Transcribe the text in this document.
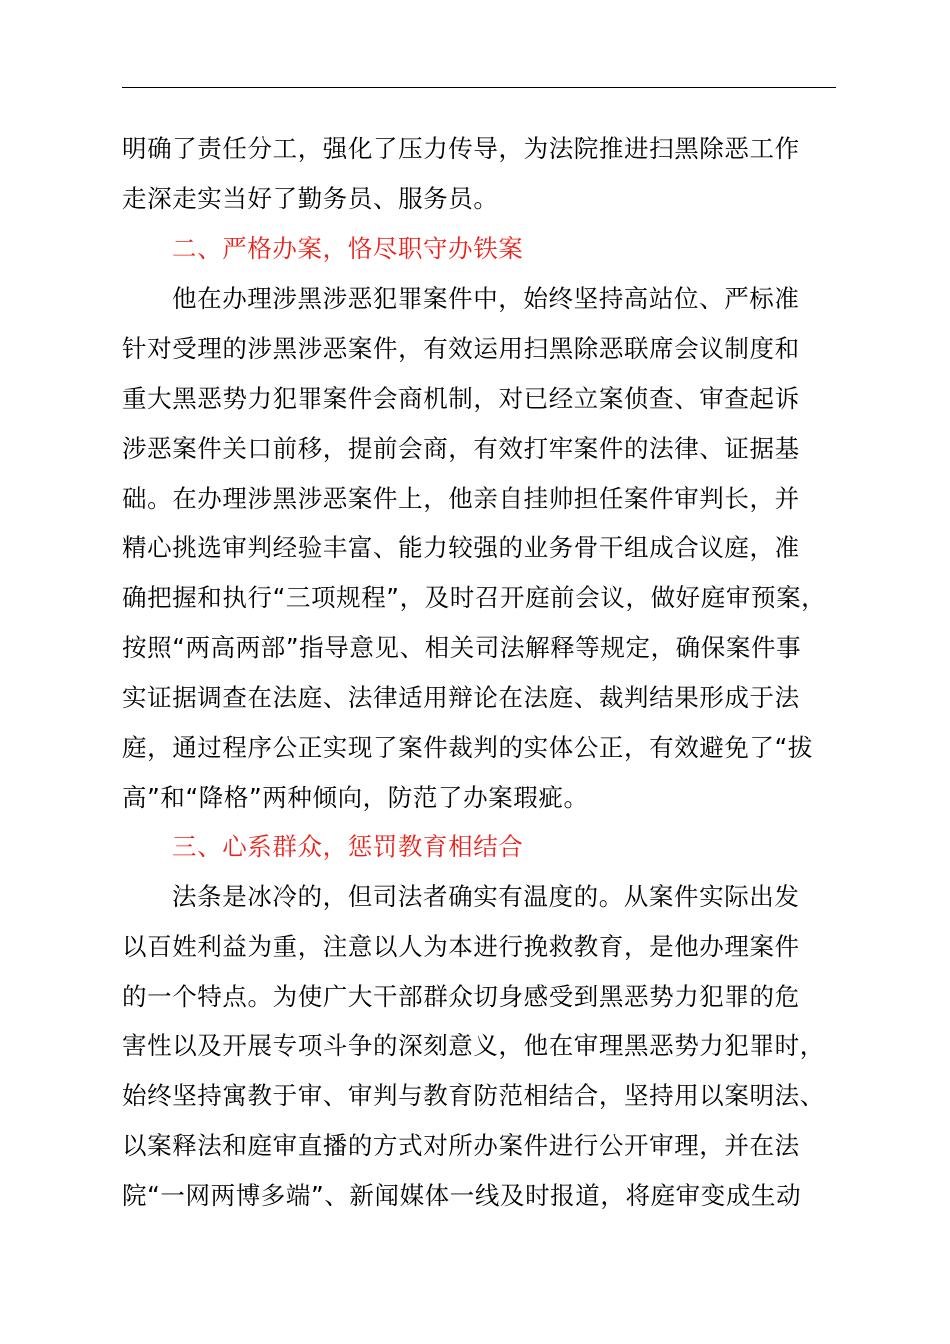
明确了责任分工，强化了压力传导，为法院推进扫黑除恶工作
走深走实当好了勤务员、服务员。
二、严格办案，恪尽职守办铁案
他在办理涉黑涉恶犯罪案件中，始终坚持高站位、严标准
针对受理的涉黑涉恶案件，有效运用扫黑除恶联席会议制度和
重大黑恶势力犯罪案件会商机制，对已经立案侦查、审查起诉
涉恶案件关口前移，提前会商，有效打牢案件的法律、证据基
础。在办理涉黑涉恶案件上，他亲自挂帅担任案件审判长，并
精心挑选审判经验丰富、能力较强的业务骨干组成合议庭，准
确把握和执行“三项规程”，及时召开庭前会议，做好庭审预案，
按照“两高两部”指导意见、相关司法解释等规定，确保案件事
实证据调查在法庭、法律适用辩论在法庭、裁判结果形成于法
庭，通过程序公正实现了案件裁判的实体公正，有效避免了“拔
高”和“降格”两种倾向，防范了办案瑕疵。
三、心系群众，惩罚教育相结合
法条是冰冷的，但司法者确实有温度的。从案件实际出发
以百姓利益为重，注意以人为本进行挽救教育，是他办理案件
的一个特点。为使广大干部群众切身感受到黑恶势力犯罪的危
害性以及开展专项斗争的深刻意义，他在审理黑恶势力犯罪时，
始终坚持寓教于审、审判与教育防范相结合，坚持用以案明法、
以案释法和庭审直播的方式对所办案件进行公开审理，并在法
院“一网两博多端”、新闻媒体一线及时报道，将庭审变成生动
